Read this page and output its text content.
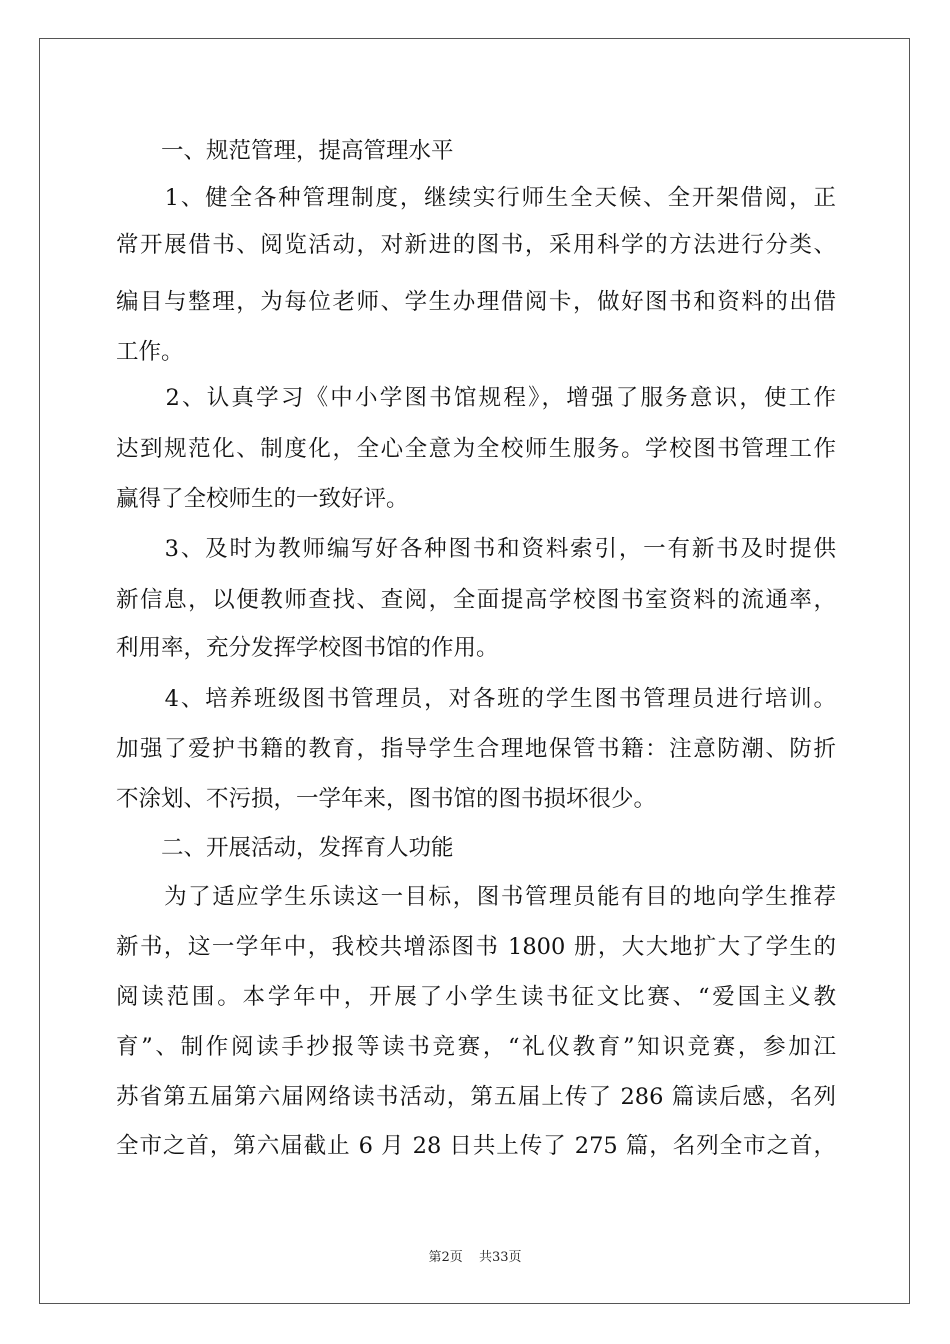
　　一、规范管理，提高管理水平
　　1、健全各种管理制度，继续实行师生全天候、全开架借阅，正
常开展借书、阅览活动，对新进的图书，采用科学的方法进行分类、
编目与整理，为每位老师、学生办理借阅卡，做好图书和资料的出借
工作。
　　2、认真学习《中小学图书馆规程》，增强了服务意识，使工作
达到规范化、制度化，全心全意为全校师生服务。学校图书管理工作
赢得了全校师生的一致好评。
　　3、及时为教师编写好各种图书和资料索引，一有新书及时提供
新信息，以便教师查找、查阅，全面提高学校图书室资料的流通率，
利用率，充分发挥学校图书馆的作用。
　　4、培养班级图书管理员，对各班的学生图书管理员进行培训。
加强了爱护书籍的教育，指导学生合理地保管书籍：注意防潮、防折
不涂划、不污损，一学年来，图书馆的图书损坏很少。
　　二、开展活动，发挥育人功能
　　为了适应学生乐读这一目标，图书管理员能有目的地向学生推荐
新书，这一学年中，我校共增添图书 1800 册，大大地扩大了学生的
阅读范围。本学年中，开展了小学生读书征文比赛、“爱国主义教
育”、制作阅读手抄报等读书竞赛，“礼仪教育”知识竞赛，参加江
苏省第五届第六届网络读书活动，第五届上传了 286 篇读后感，名列
全市之首，第六届截止 6 月 28 日共上传了 275 篇，名列全市之首，
第2页 共33页
